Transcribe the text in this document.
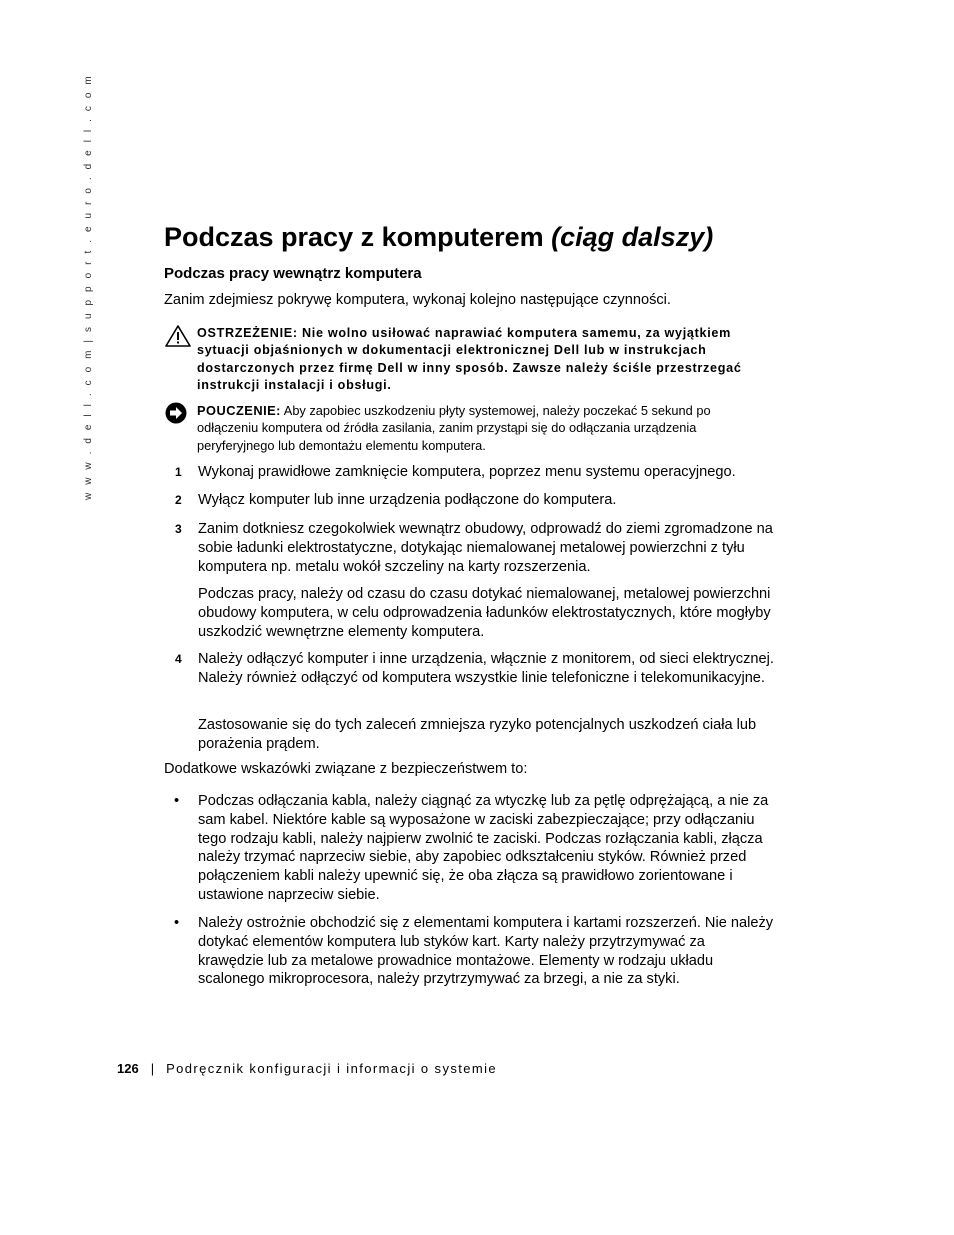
w w w . d e l l . c o m | s u p p o r t . e u r o . d e l l . c o m	Podczas pracy z komputerem (ciąg dalszy)
Podczas pracy wewnątrz komputera

Zanim zdejmiesz pokrywę komputera, wykonaj kolejno następujące czynności.

OSTRZEŻENIE: Nie wolno usiłować naprawiać komputera samemu, za wyjątkiem sytuacji objaśnionych w dokumentacji elektronicznej Dell lub w instrukcjach dostarczonych przez firmę Dell w inny sposób. Zawsze należy ściśle przestrzegać instrukcji instalacji i obsługi.

POUCZENIE: Aby zapobiec uszkodzeniu płyty systemowej, należy poczekać 5 sekund po odłączeniu komputera od źródła zasilania, zanim przystąpi się do odłączania urządzenia peryferyjnego lub demontażu elementu komputera.

1 Wykonaj prawidłowe zamknięcie komputera, poprzez menu systemu operacyjnego.

2 Wyłącz komputer lub inne urządzenia podłączone do komputera.

3 Zanim dotkniesz czegokolwiek wewnątrz obudowy, odprowadź do ziemi zgromadzone na sobie ładunki elektrostatyczne, dotykając niemalowanej metalowej powierzchni z tyłu komputera np. metalu wokół szczeliny na karty rozszerzenia.

Podczas pracy, należy od czasu do czasu dotykać niemalowanej, metalowej powierzchni obudowy komputera, w celu odprowadzenia ładunków elektrostatycznych, które mogłyby uszkodzić wewnętrzne elementy komputera.

4 Należy odłączyć komputer i inne urządzenia, włącznie z monitorem, od sieci elektrycznej. Należy również odłączyć od komputera wszystkie linie telefoniczne i telekomunikacyjne.

Zastosowanie się do tych zaleceń zmniejsza ryzyko potencjalnych uszkodzeń ciała lub porażenia prądem.

Dodatkowe wskazówki związane z bezpieczeństwem to:

• Podczas odłączania kabla, należy ciągnąć za wtyczkę lub za pętlę odprężającą, a nie za sam kabel. Niektóre kable są wyposażone w zaciski zabezpieczające; przy odłączaniu tego rodzaju kabli, należy najpierw zwolnić te zaciski. Podczas rozłączania kabli, złącza należy trzymać naprzeciw siebie, aby zapobiec odkształceniu styków. Również przed połączeniem kabli należy upewnić się, że oba złącza są prawidłowo zorientowane i ustawione naprzeciw siebie.

• Należy ostrożnie obchodzić się z elementami komputera i kartami rozszerzeń. Nie należy dotykać elementów komputera lub styków kart. Karty należy przytrzymywać za krawędzie lub za metalowe prowadnice montażowe. Elementy w rodzaju układu scalonego mikroprocesora, należy przytrzymywać za brzegi, a nie za styki.

126 | Podręcznik konfiguracji i informacji o systemie
